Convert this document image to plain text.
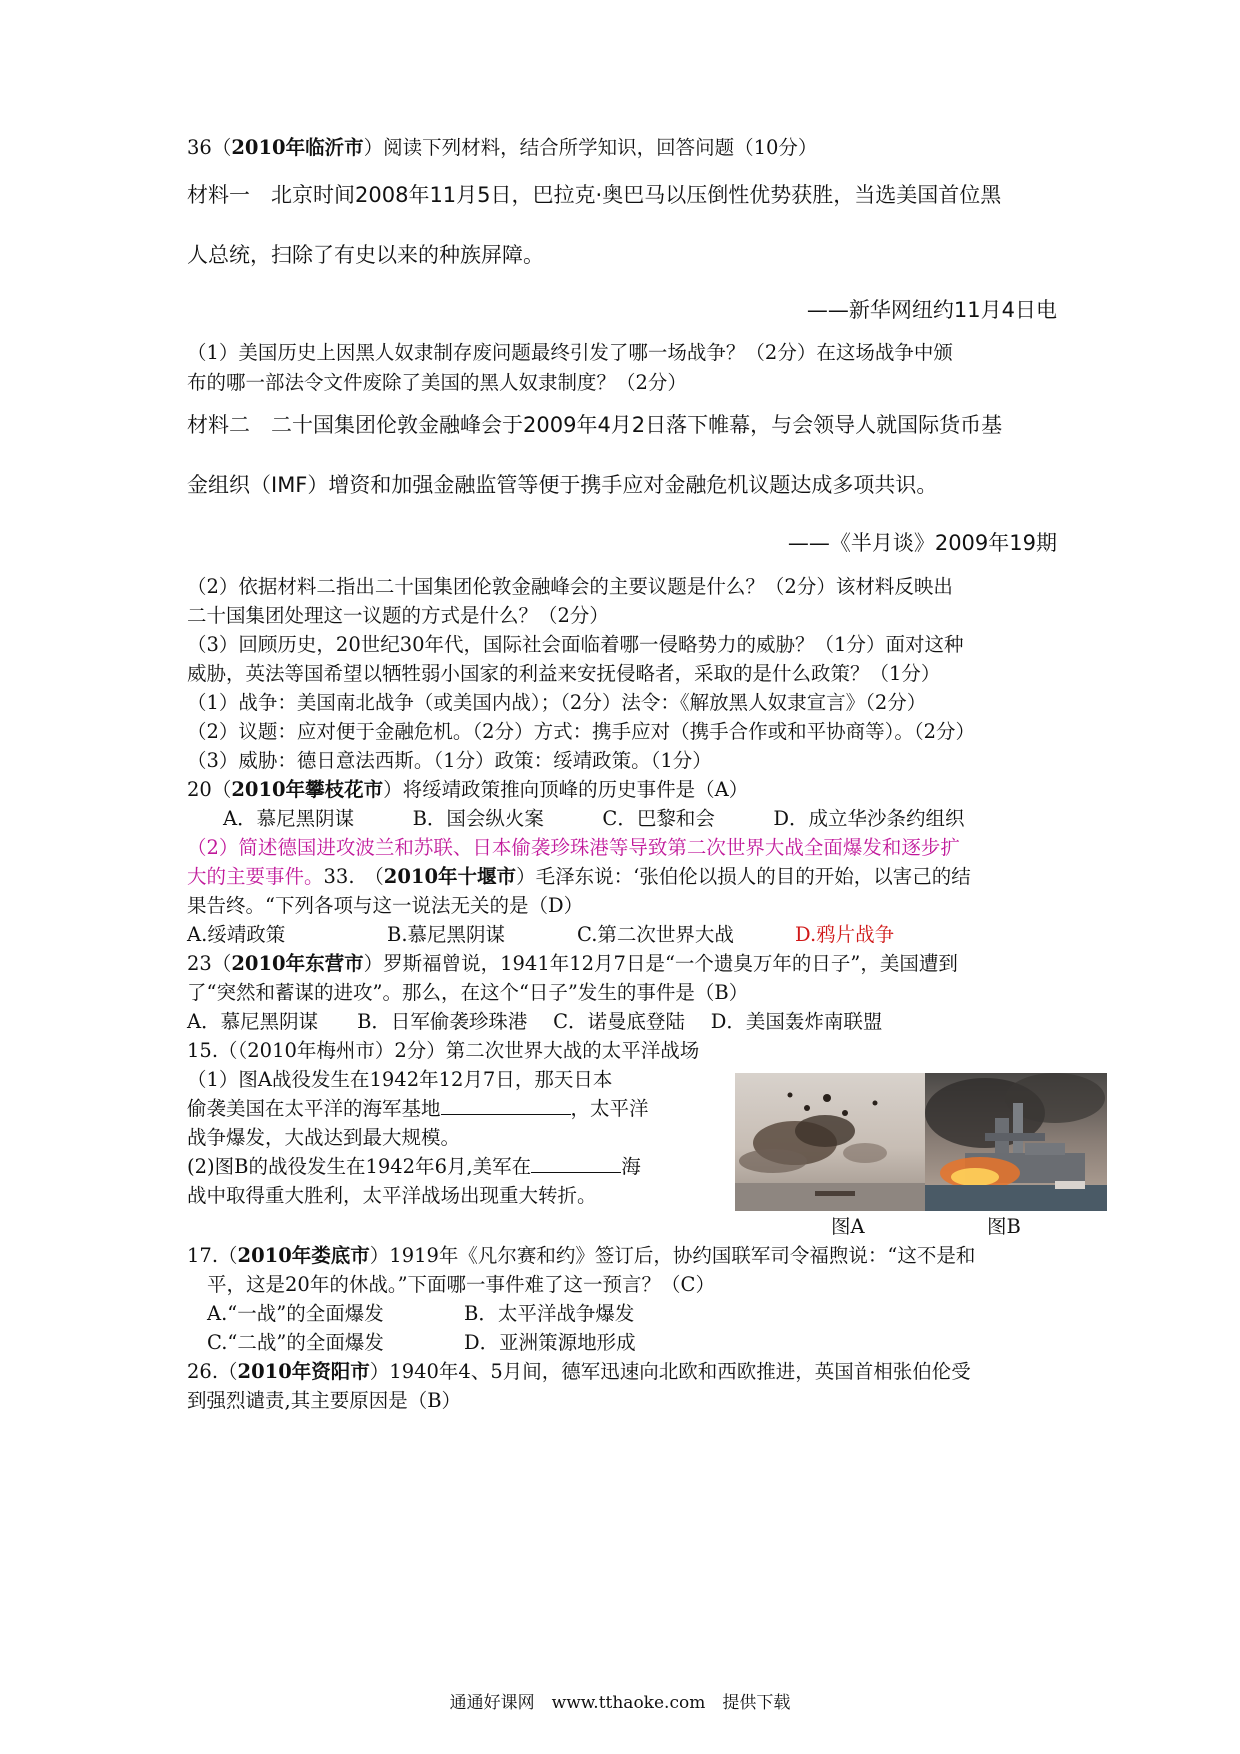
36（2010年临沂市）阅读下列材料，结合所学知识，回答问题（10分）
材料一　北京时间2008年11月5日，巴拉克·奥巴马以压倒性优势获胜，当选美国首位黑
人总统，扫除了有史以来的种族屏障。
——新华网纽约11月4日电
（1）美国历史上因黑人奴隶制存废问题最终引发了哪一场战争？（2分）在这场战争中颁
布的哪一部法令文件废除了美国的黑人奴隶制度？（2分）
材料二　二十国集团伦敦金融峰会于2009年4月2日落下帷幕，与会领导人就国际货币基
金组织（IMF）增资和加强金融监管等便于携手应对金融危机议题达成多项共识。
——《半月谈》2009年19期
（2）依据材料二指出二十国集团伦敦金融峰会的主要议题是什么？（2分）该材料反映出
二十国集团处理这一议题的方式是什么？（2分）
（3）回顾历史，20世纪30年代，国际社会面临着哪一侵略势力的威胁？（1分）面对这种
威胁，英法等国希望以牺牲弱小国家的利益来安抚侵略者，采取的是什么政策？（1分）
（1）战争：美国南北战争（或美国内战）；（2分）法令：《解放黑人奴隶宣言》（2分）
（2）议题：应对便于金融危机。（2分）方式：携手应对（携手合作或和平协商等）。（2分）
（3）威胁：德日意法西斯。（1分）政策：绥靖政策。（1分）
20（2010年攀枝花市）将绥靖政策推向顶峰的历史事件是（A）
A．慕尼黑阴谋　　　B．国会纵火案　　　C．巴黎和会　　　D．成立华沙条约组织
（2）简述德国进攻波兰和苏联、日本偷袭珍珠港等导致第二次世界大战全面爆发和逐步扩
大的主要事件。33.　（2010年十堰市）毛泽东说：‘张伯伦以损人的目的开始，以害己的结
果告终。“下列各项与这一说法无关的是（D）
A.绥靖政策	B.慕尼黑阴谋	C.第二次世界大战	D.鸦片战争
23（2010年东营市）罗斯福曾说，1941年12月7日是“一个遗臭万年的日子”，美国遭到
了“突然和蓄谋的进攻”。那么，在这个“日子”发生的事件是（B）
A．慕尼黑阴谋　　B．日军偷袭珍珠港　 C．诺曼底登陆　 D．美国轰炸南联盟
15.（（2010年梅州市）2分）第二次世界大战的太平洋战场
（1）图A战役发生在1942年12月7日，那天日本
偷袭美国在太平洋的海军基地	，太平洋
战争爆发，大战达到最大规模。
(2)图B的战役发生在1942年6月,美军在	海
战中取得重大胜利，太平洋战场出现重大转折。
图A	图B
17.（2010年娄底市）1919年《凡尔赛和约》签订后，协约国联军司令福煦说：“这不是和
平，这是20年的休战。”下面哪一事件难了这一预言？（C）
A.“一战”的全面爆发	B．太平洋战争爆发
C.“二战”的全面爆发	D．亚洲策源地形成
26.（2010年资阳市）1940年4、5月间，德军迅速向北欧和西欧推进，英国首相张伯伦受
到强烈谴责,其主要原因是（B）
通通好课网　www.tthaoke.com　提供下载
